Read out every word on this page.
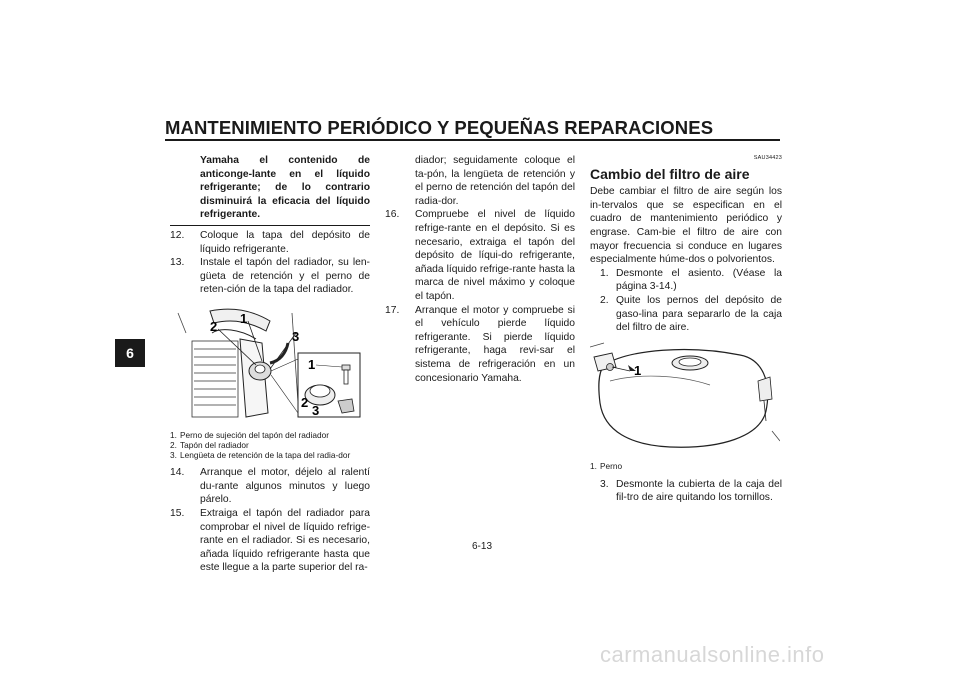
MANTENIMIENTO PERIÓDICO Y PEQUEÑAS REPARACIONES
6
Yamaha el contenido de anticonge-lante en el líquido refrigerante; de lo contrario disminuirá la eficacia del líquido refrigerante.
12.	Coloque la tapa del depósito de líquido refrigerante.
13.	Instale el tapón del radiador, su len-güeta de retención y el perno de reten-ción de la tapa del radiador.
2
1
3
1
2
3
1. Perno de sujeción del tapón del radiador
2. Tapón del radiador
3. Lengüeta de retención de la tapa del radia-dor
14.	Arranque el motor, déjelo al ralentí du-rante algunos minutos y luego párelo.
15.	Extraiga el tapón del radiador para comprobar el nivel de líquido refrige-rante en el radiador. Si es necesario, añada líquido refrigerante hasta que este llegue a la parte superior del ra-
diador; seguidamente coloque el ta-pón, la lengüeta de retención y el perno de retención del tapón del radia-dor.
16.	Compruebe el nivel de líquido refrige-rante en el depósito. Si es necesario, extraiga el tapón del depósito de líqui-do refrigerante, añada líquido refrige-rante hasta la marca de nivel máximo y coloque el tapón.
17.	Arranque el motor y compruebe si el vehículo pierde líquido refrigerante. Si pierde líquido refrigerante, haga revi-sar el sistema de refrigeración en un concesionario Yamaha.
SAU34423
Cambio del filtro de aire
Debe cambiar el filtro de aire según los in-tervalos que se especifican en el cuadro de mantenimiento periódico y engrase. Cam-bie el filtro de aire con mayor frecuencia si conduce en lugares especialmente húme-dos o polvorientos.
1. Desmonte el asiento. (Véase la página 3-14.)
2. Quite los pernos del depósito de gaso-lina para separarlo de la caja del filtro de aire.
1
1. Perno
3. Desmonte la cubierta de la caja del fil-tro de aire quitando los tornillos.
6-13
carmanualsonline.info
